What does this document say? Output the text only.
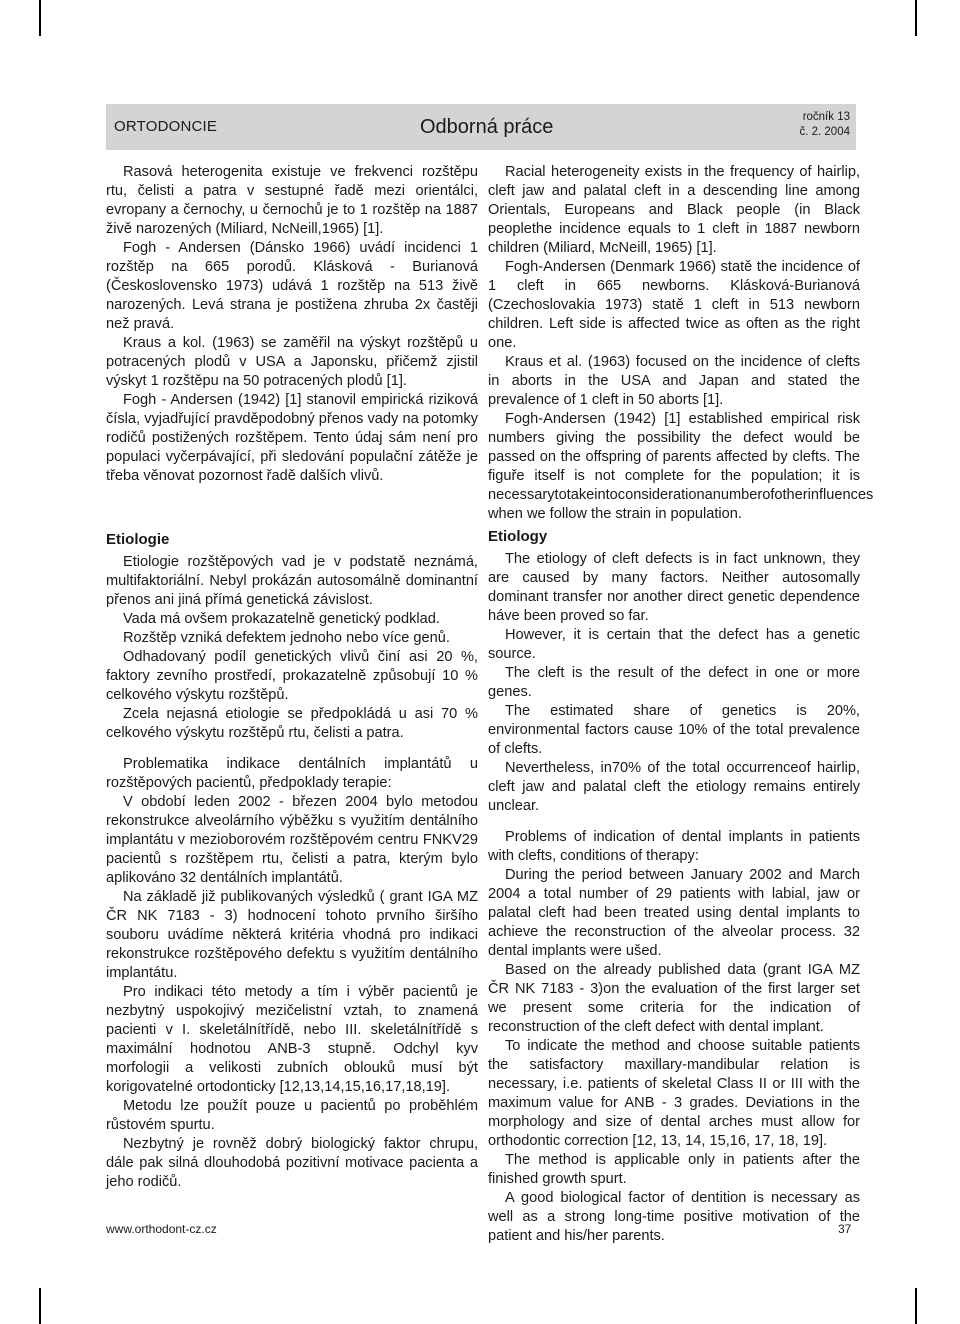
ORTODONCIE	Odborná práce	ročník 13
č. 2. 2004

Rasová heterogenita existuje ve frekvenci rozštěpu rtu, čelisti a patra v sestupné řadě mezi orientálci, evropany a černochy, u černochů je to 1 rozštěp na 1887 živě narozených (Miliard, NcNeill,1965) [1].

Fogh - Andersen (Dánsko 1966) uvádí incidenci 1 rozštěp na 665 porodů. Klásková - Burianová (Československo 1973) udává 1 rozštěp na 513 živě narozených. Levá strana je postižena zhruba 2x častěji než pravá.

Kraus a kol. (1963) se zaměřil na výskyt rozštěpů u potracených plodů v USA a Japonsku, přičemž zjistil výskyt 1 rozštěpu na 50 potracených plodů [1].

Fogh - Andersen (1942) [1] stanovil empirická riziková čísla, vyjadřující pravděpodobný přenos vady na potomky rodičů postižených rozštěpem. Tento údaj sám není pro populaci vyčerpávající, při sledování populační zátěže je třeba věnovat pozornost řadě dalších vlivů.

Etiologie

Etiologie rozštěpových vad je v podstatě neznámá, multifaktoriální. Nebyl prokázán autosomálně dominantní přenos ani jiná přímá genetická závislost.

Vada má ovšem prokazatelně genetický podklad.

Rozštěp vzniká defektem jednoho nebo více genů.

Odhadovaný podíl genetických vlivů činí asi 20 %, faktory zevního prostředí, prokazatelně způsobují 10 % celkového výskytu rozštěpů.

Zcela nejasná etiologie se předpokládá u asi 70 % celkového výskytu rozštěpů rtu, čelisti a patra.

Problematika indikace dentálních implantátů u rozštěpových pacientů, předpoklady terapie:

V období leden 2002 - březen 2004 bylo metodou rekonstrukce alveolárního výběžku s využitím dentálního implantátu v mezioborovém rozštěpovém centru FNKV29 pacientů s rozštěpem rtu, čelisti a patra, kterým bylo aplikováno 32 dentálních implantátů.

Na základě již publikovaných výsledků ( grant IGA MZ ČR NK 7183 - 3) hodnocení tohoto prvního širšího souboru uvádíme některá kritéria vhodná pro indikaci rekonstrukce rozštěpového defektu s využitím dentálního implantátu.

Pro indikaci této metody a tím i výběr pacientů je nezbytný uspokojivý mezičelistní vztah, to znamená pacienti v I. skeletálnítřídě, nebo III. skeletálnítřídě s maximální hodnotou ANB-3 stupně. Odchyl kyv morfologii a velikosti zubních oblouků musí být korigovatelné ortodonticky [12,13,14,15,16,17,18,19].

Metodu lze použít pouze u pacientů po proběhlém růstovém spurtu.

Nezbytný je rovněž dobrý biologický faktor chrupu, dále pak silná dlouhodobá pozitivní motivace pacienta a jeho rodičů.

Racial heterogeneity exists in the frequency of hairlip, cleft jaw and palatal cleft in a descending line among Orientals, Europeans and Black people (in Black peoplethe incidence equals to 1 cleft in 1887 newborn children (Miliard, McNeill, 1965) [1].

Fogh-Andersen (Denmark 1966) statě the incidence of 1 cleft in 665 newborns. Klásková-Burianová (Czechoslovakia 1973) statě 1 cleft in 513 newborn children. Left side is affected twice as often as the right one.

Kraus et al. (1963) focused on the incidence of clefts in aborts in the USA and Japan and stated the prevalence of 1 cleft in 50 aborts [1].

Fogh-Andersen (1942) [1] established empirical risk numbers giving the possibility the defect would be passed on the offspring of parents affected by clefts. The figuře itself is not complete for the population; it is necessarytotakeintoconsiderationanumberofotherinfluences when we follow the strain in population.

Etiology

The etiology of cleft defects is in fact unknown, they are caused by many factors. Neither autosomally dominant transfer nor another direct genetic dependence háve been proved so far.

However, it is certain that the defect has a genetic source.

The cleft is the result of the defect in one or more genes.

The estimated share of genetics is 20%, environmental factors cause 10% of the total prevalence of clefts.

Nevertheless, in70% of the total occurrenceof hairlip, cleft jaw and palatal cleft the etiology remains entirely unclear.

Problems of indication of dental implants in patients with clefts, conditions of therapy:

During the period between January 2002 and March 2004 a total number of 29 patients with labial, jaw or palatal cleft had been treated using dental implants to achieve the reconstruction of the alveolar process. 32 dental implants were ušed.

Based on the already published data (grant IGA MZ ČR NK 7183 - 3)on the evaluation of the first larger set we present some criteria for the indication of reconstruction of the cleft defect with dental implant.

To indicate the method and choose suitable patients the satisfactory maxillary-mandibular relation is necessary, i.e. patients of skeletal Class II or III with the maximum value for ANB - 3 grades. Deviations in the morphology and size of dental arches must allow for orthodontic correction [12, 13, 14, 15,16, 17, 18, 19].

The method is applicable only in patients after the finished growth spurt.

A good biological factor of dentition is necessary as well as a strong long-time positive motivation of the patient and his/her parents.

www.orthodont-cz.cz	37
